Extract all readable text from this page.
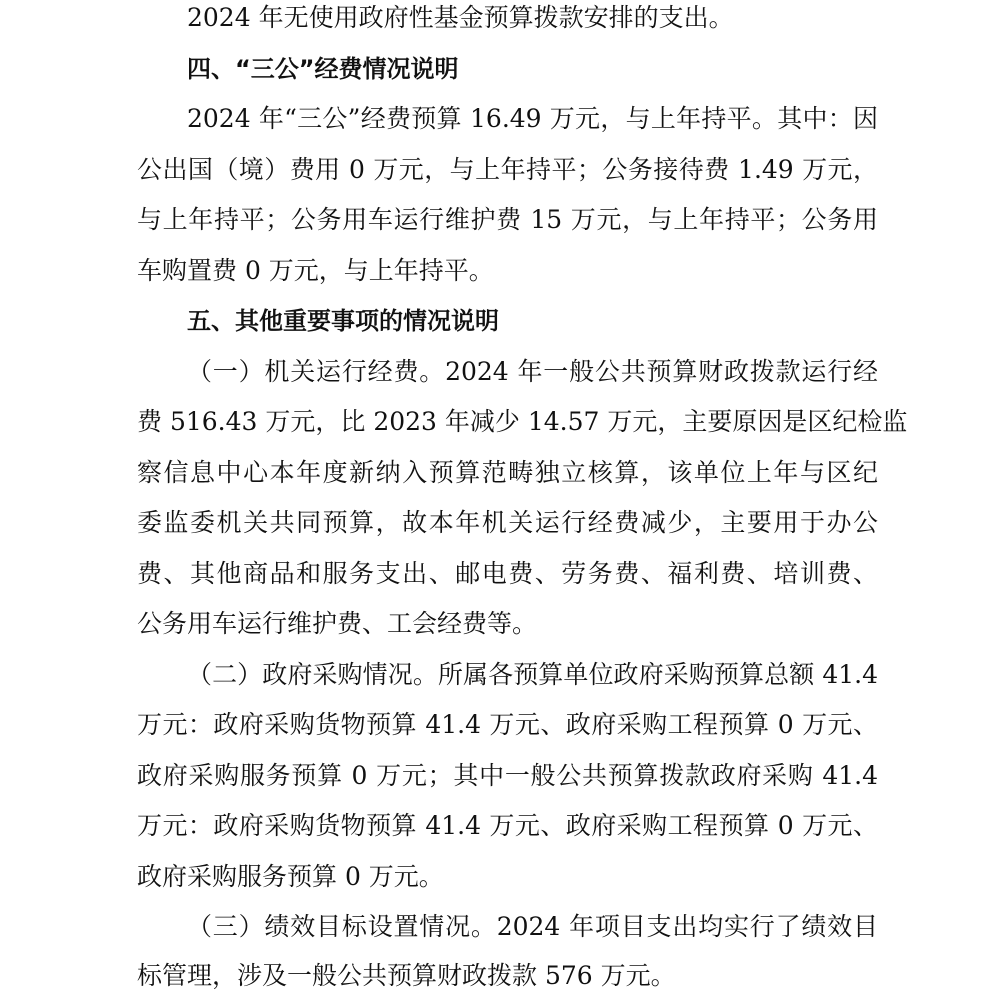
2024 年无使用政府性基金预算拨款安排的支出。
四、“三公”经费情况说明
2024 年“三公”经费预算 16.49 万元，与上年持平。其中：因
公出国（境）费用 0 万元，与上年持平；公务接待费 1.49 万元，
与上年持平；公务用车运行维护费 15 万元，与上年持平；公务用
车购置费 0 万元，与上年持平。
五、其他重要事项的情况说明
（一）机关运行经费。2024 年一般公共预算财政拨款运行经
费 516.43 万元，比 2023 年减少 14.57 万元，主要原因是区纪检监
察信息中心本年度新纳入预算范畴独立核算，该单位上年与区纪
委监委机关共同预算，故本年机关运行经费减少，主要用于办公
费、其他商品和服务支出、邮电费、劳务费、福利费、培训费、
公务用车运行维护费、工会经费等。
（二）政府采购情况。所属各预算单位政府采购预算总额 41.4
万元：政府采购货物预算 41.4 万元、政府采购工程预算 0 万元、
政府采购服务预算 0 万元；其中一般公共预算拨款政府采购 41.4
万元：政府采购货物预算 41.4 万元、政府采购工程预算 0 万元、
政府采购服务预算 0 万元。
（三）绩效目标设置情况。2024 年项目支出均实行了绩效目
标管理，涉及一般公共预算财政拨款 576 万元。
